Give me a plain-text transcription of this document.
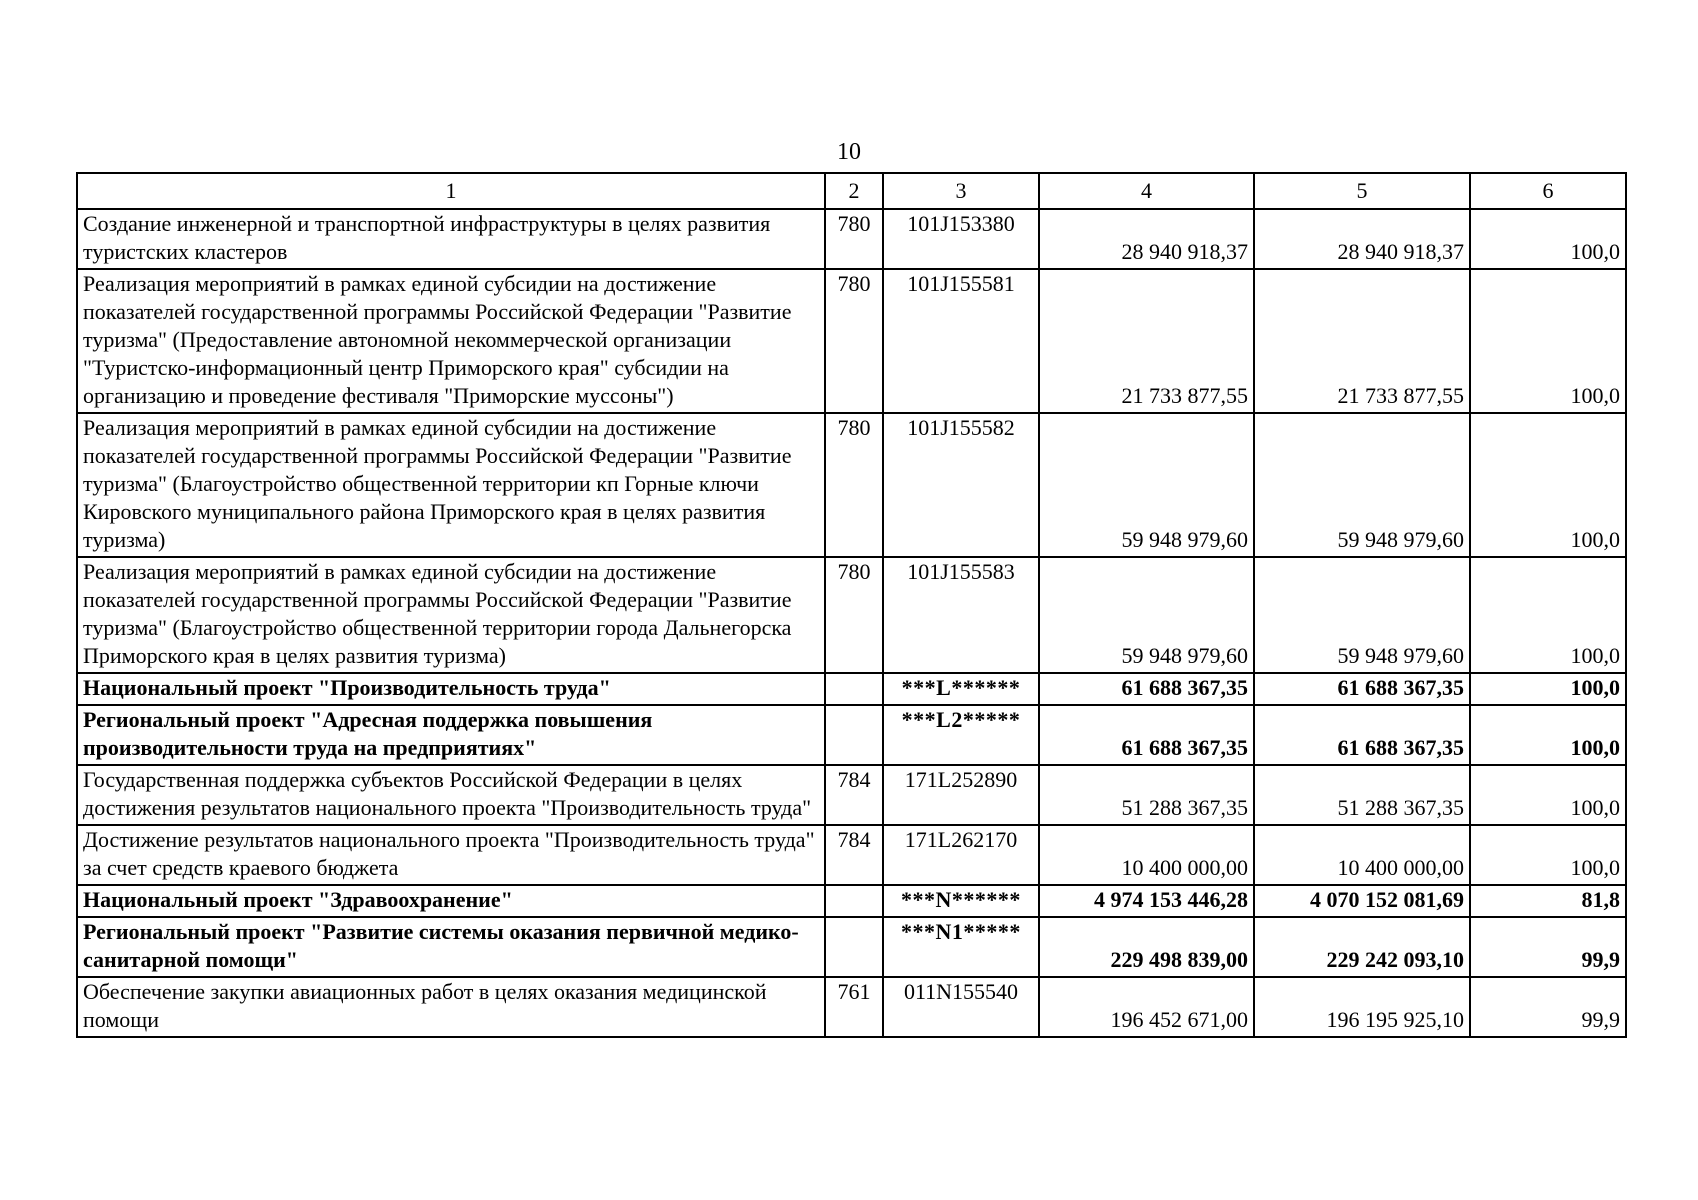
10
1	2	3	4	5	6
Создание инженерной и транспортной инфраструктуры в целях развития туристских кластеров	780	101J153380	28 940 918,37	28 940 918,37	100,0
Реализация мероприятий в рамках единой субсидии на достижение показателей государственной программы Российской Федерации "Развитие туризма" (Предоставление автономной некоммерческой организации "Туристско-информационный центр Приморского края" субсидии на организацию и проведение фестиваля "Приморские муссоны")	780	101J155581	21 733 877,55	21 733 877,55	100,0
Реализация мероприятий в рамках единой субсидии на достижение показателей государственной программы Российской Федерации "Развитие туризма" (Благоустройство общественной территории кп Горные ключи Кировского муниципального района Приморского края в целях развития туризма)	780	101J155582	59 948 979,60	59 948 979,60	100,0
Реализация мероприятий в рамках единой субсидии на достижение показателей государственной программы Российской Федерации "Развитие туризма" (Благоустройство общественной территории города Дальнегорска Приморского края в целях развития туризма)	780	101J155583	59 948 979,60	59 948 979,60	100,0
Национальный проект "Производительность труда"		***L******	61 688 367,35	61 688 367,35	100,0
Региональный проект "Адресная поддержка повышения производительности труда на предприятиях"		***L2*****	61 688 367,35	61 688 367,35	100,0
Государственная поддержка субъектов Российской Федерации в целях достижения результатов национального проекта "Производительность труда"	784	171L252890	51 288 367,35	51 288 367,35	100,0
Достижение результатов национального проекта "Производительность труда" за счет средств краевого бюджета	784	171L262170	10 400 000,00	10 400 000,00	100,0
Национальный проект "Здравоохранение"		***N******	4 974 153 446,28	4 070 152 081,69	81,8
Региональный проект "Развитие системы оказания первичной медико-санитарной помощи"		***N1*****	229 498 839,00	229 242 093,10	99,9
Обеспечение закупки авиационных работ в целях оказания медицинской помощи	761	011N155540	196 452 671,00	196 195 925,10	99,9
